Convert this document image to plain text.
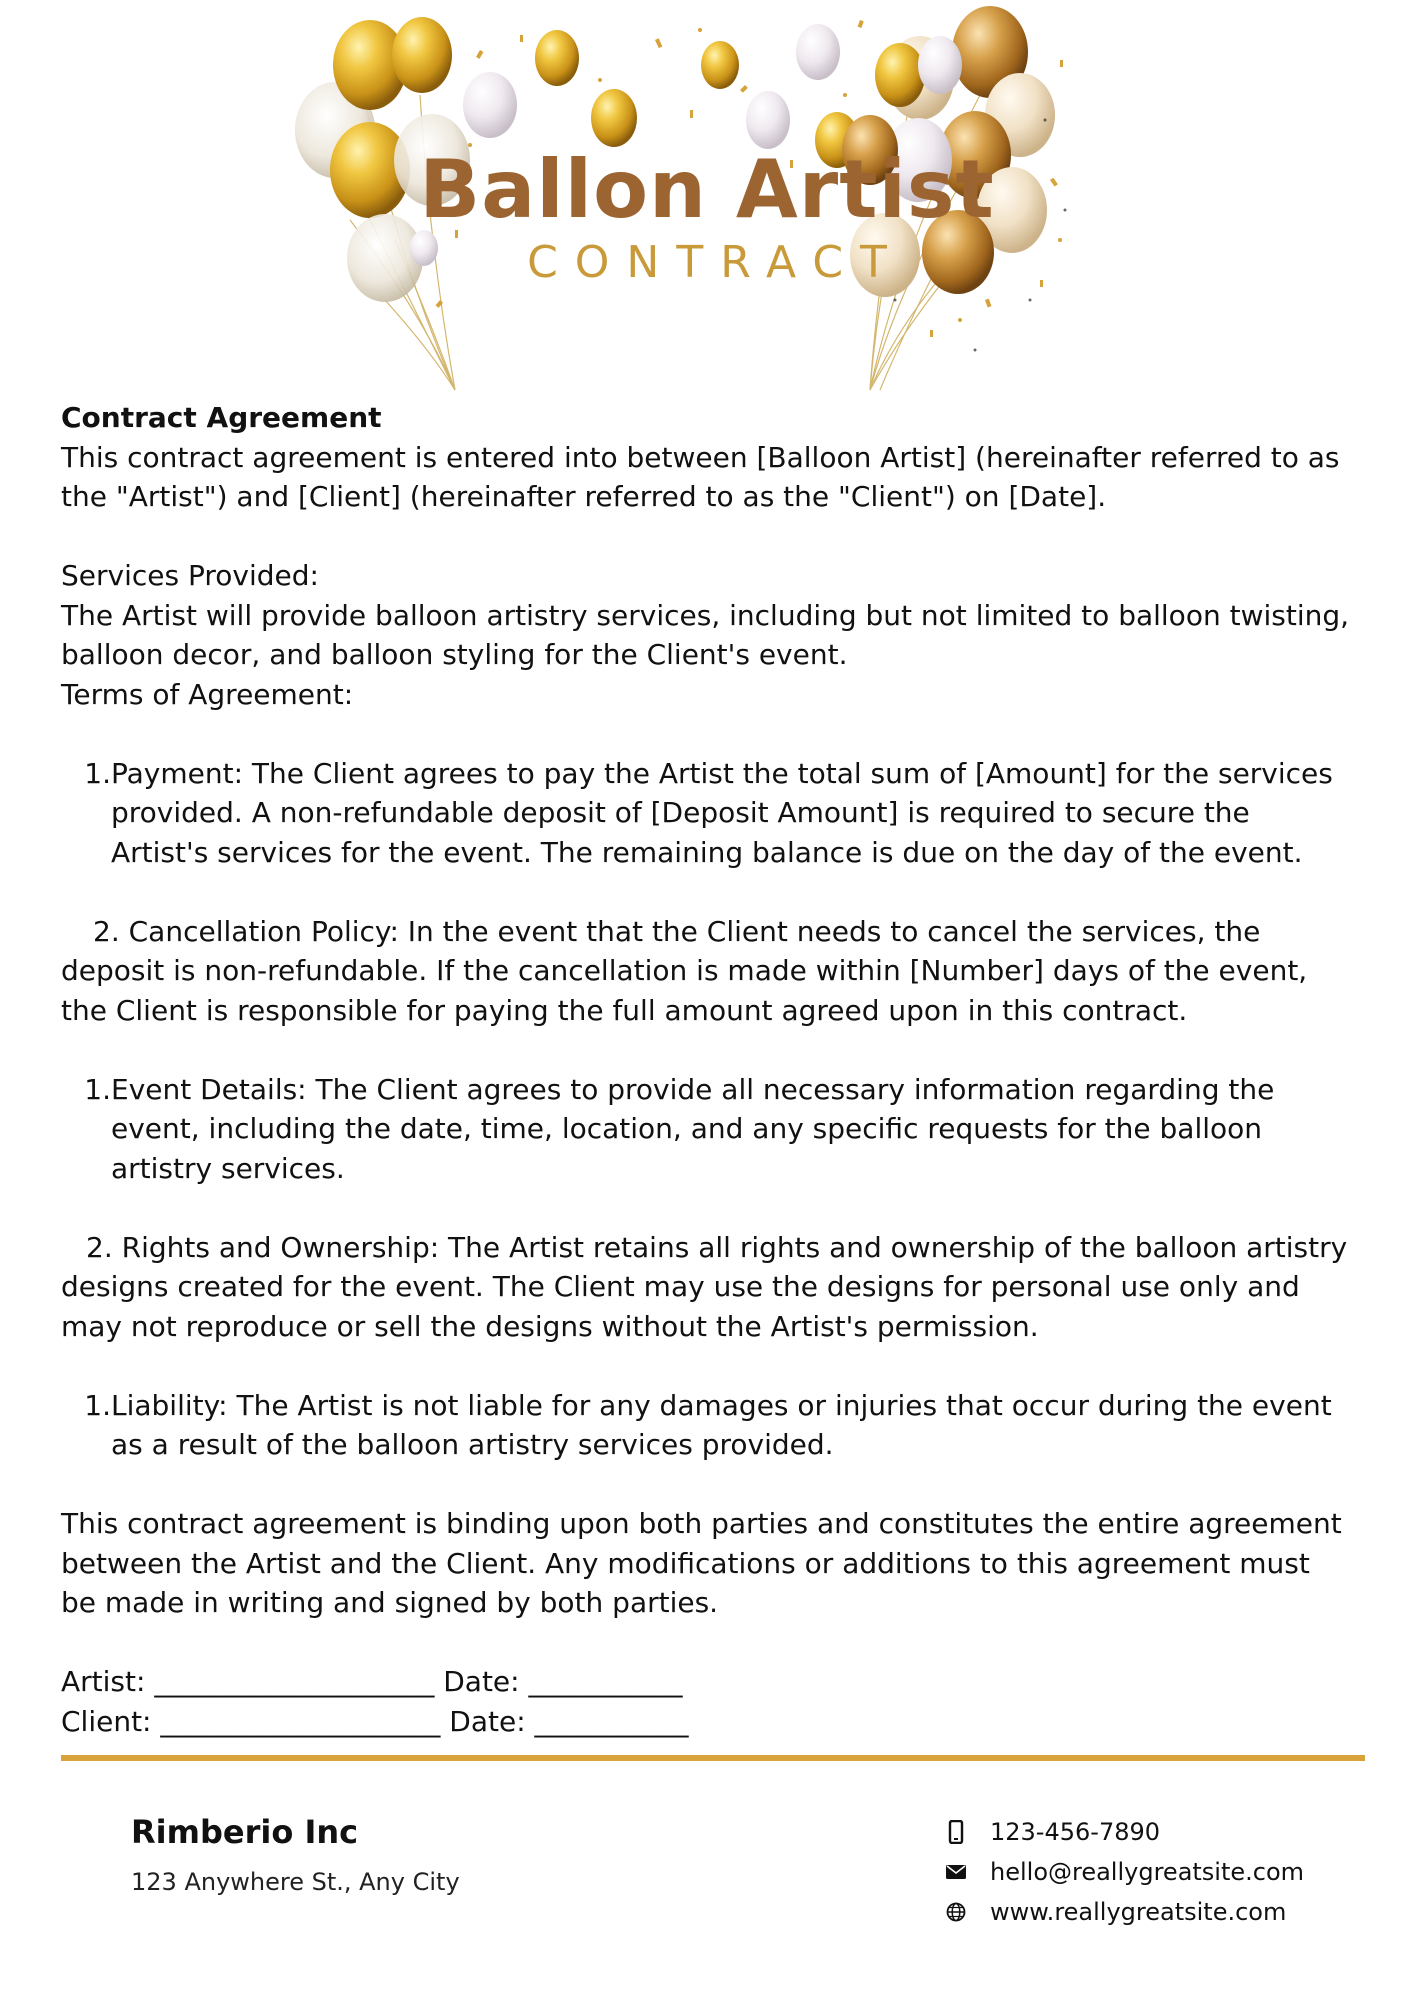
Ballon Artist
CONTRACT

Contract Agreement

This contract agreement is entered into between [Balloon Artist] (hereinafter referred to as the "Artist") and [Client] (hereinafter referred to as the "Client") on [Date].

Services Provided:

The Artist will provide balloon artistry services, including but not limited to balloon twisting, balloon decor, and balloon styling for the Client's event.

Terms of Agreement:

1. Payment: The Client agrees to pay the Artist the total sum of [Amount] for the services provided. A non-refundable deposit of [Deposit Amount] is required to secure the Artist's services for the event. The remaining balance is due on the day of the event.

2. Cancellation Policy: In the event that the Client needs to cancel the services, the deposit is non-refundable. If the cancellation is made within [Number] days of the event, the Client is responsible for paying the full amount agreed upon in this contract.

1. Event Details: The Client agrees to provide all necessary information regarding the event, including the date, time, location, and any specific requests for the balloon artistry services.

2. Rights and Ownership: The Artist retains all rights and ownership of the balloon artistry designs created for the event. The Client may use the designs for personal use only and may not reproduce or sell the designs without the Artist's permission.

1. Liability: The Artist is not liable for any damages or injuries that occur during the event as a result of the balloon artistry services provided.

This contract agreement is binding upon both parties and constitutes the entire agreement between the Artist and the Client. Any modifications or additions to this agreement must be made in writing and signed by both parties.

Artist: ____________________ Date: ___________

Client: ____________________ Date: ___________

Rimberio Inc
123 Anywhere St., Any City
123-456-7890
hello@reallygreatsite.com
www.reallygreatsite.com
